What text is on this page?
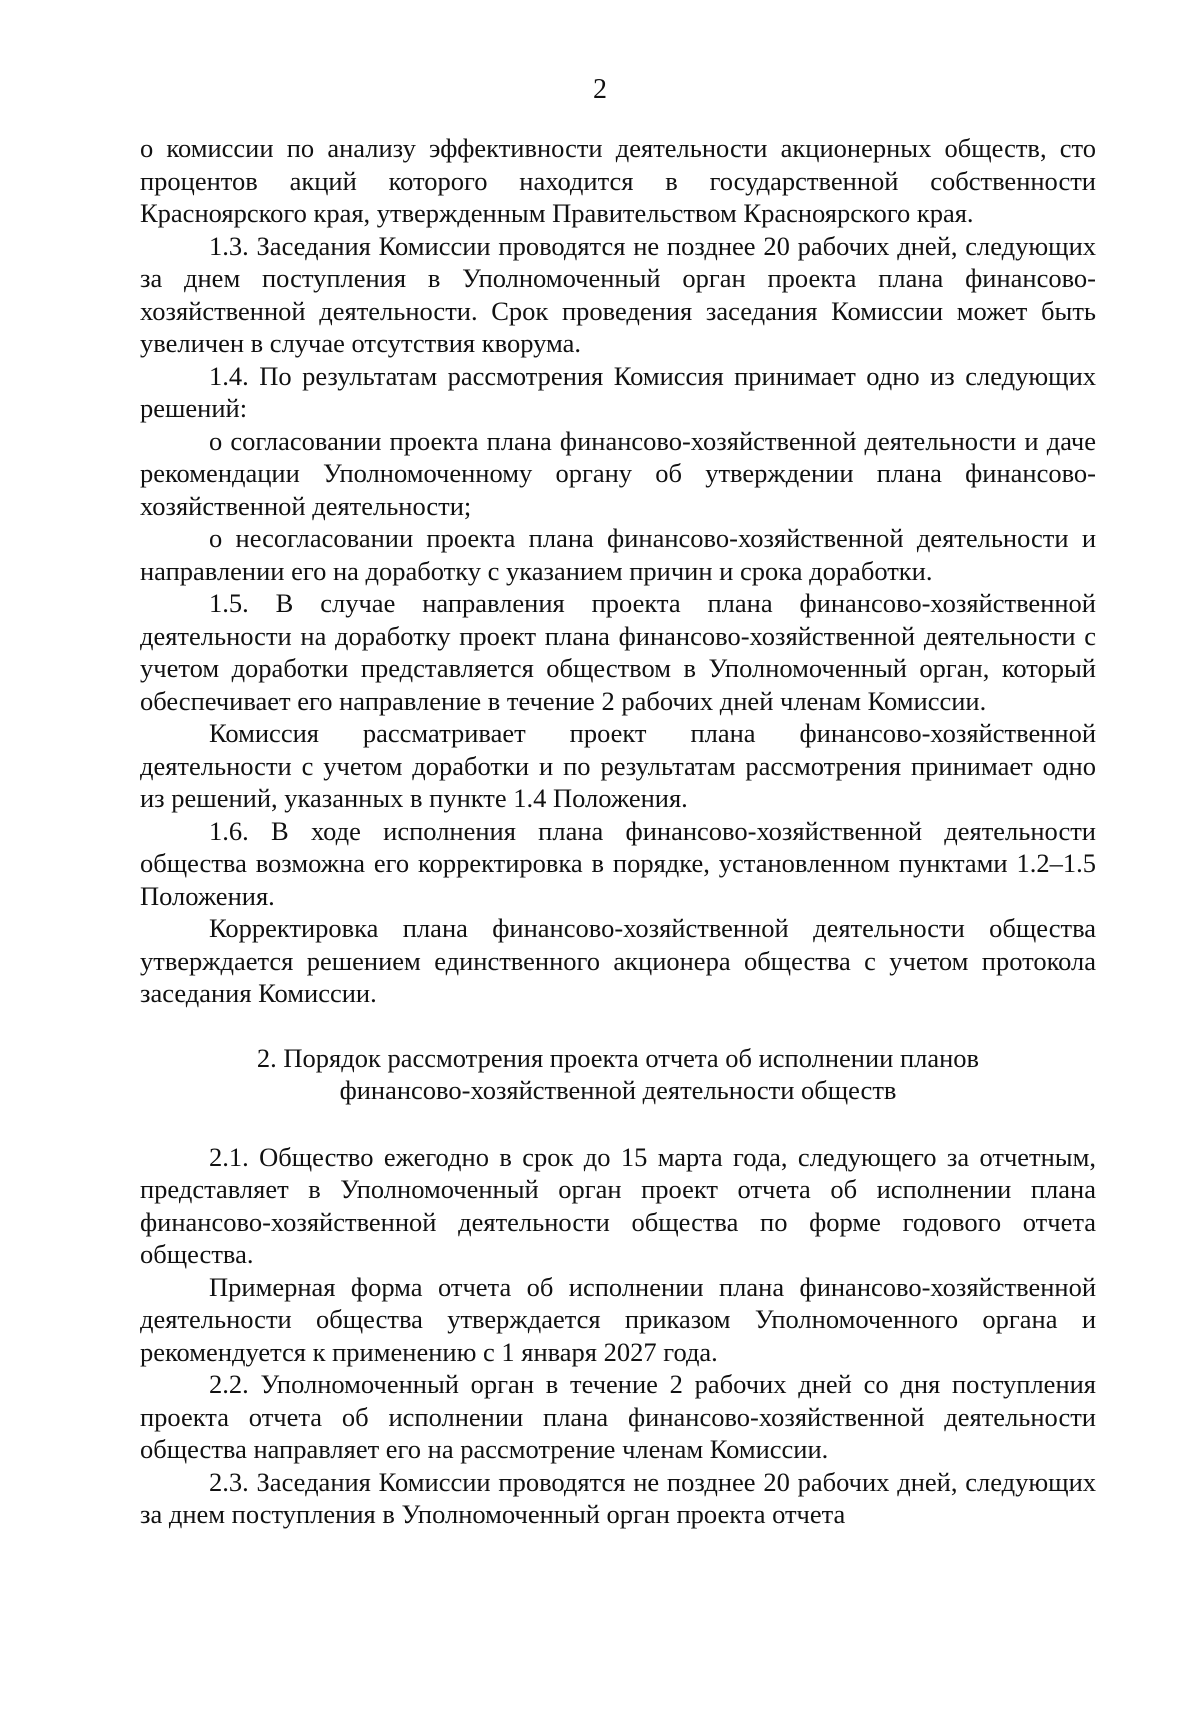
2

о комиссии по анализу эффективности деятельности акционерных обществ, сто процентов акций которого находится в государственной собственности Красноярского края, утвержденным Правительством Красноярского края.

1.3. Заседания Комиссии проводятся не позднее 20 рабочих дней, следующих за днем поступления в Уполномоченный орган проекта плана финансово-хозяйственной деятельности. Срок проведения заседания Комиссии может быть увеличен в случае отсутствия кворума.

1.4. По результатам рассмотрения Комиссия принимает одно из следующих решений:

о согласовании проекта плана финансово-хозяйственной деятельности и даче рекомендации Уполномоченному органу об утверждении плана финансово-хозяйственной деятельности;

о несогласовании проекта плана финансово-хозяйственной деятельности и направлении его на доработку с указанием причин и срока доработки.

1.5. В случае направления проекта плана финансово-хозяйственной деятельности на доработку проект плана финансово-хозяйственной деятельности с учетом доработки представляется обществом в Уполномоченный орган, который обеспечивает его направление в течение 2 рабочих дней членам Комиссии.

Комиссия рассматривает проект плана финансово-хозяйственной деятельности с учетом доработки и по результатам рассмотрения принимает одно из решений, указанных в пункте 1.4 Положения.

1.6. В ходе исполнения плана финансово-хозяйственной деятельности общества возможна его корректировка в порядке, установленном пунктами 1.2–1.5 Положения.

Корректировка плана финансово-хозяйственной деятельности общества утверждается решением единственного акционера общества с учетом протокола заседания Комиссии.

2. Порядок рассмотрения проекта отчета об исполнении планов
финансово-хозяйственной деятельности обществ

2.1. Общество ежегодно в срок до 15 марта года, следующего за отчетным, представляет в Уполномоченный орган проект отчета об исполнении плана финансово-хозяйственной деятельности общества по форме годового отчета общества.

Примерная форма отчета об исполнении плана финансово-хозяйственной деятельности общества утверждается приказом Уполномоченного органа и рекомендуется к применению с 1 января 2027 года.

2.2. Уполномоченный орган в течение 2 рабочих дней со дня поступления проекта отчета об исполнении плана финансово-хозяйственной деятельности общества направляет его на рассмотрение членам Комиссии.

2.3. Заседания Комиссии проводятся не позднее 20 рабочих дней, следующих за днем поступления в Уполномоченный орган проекта отчета
